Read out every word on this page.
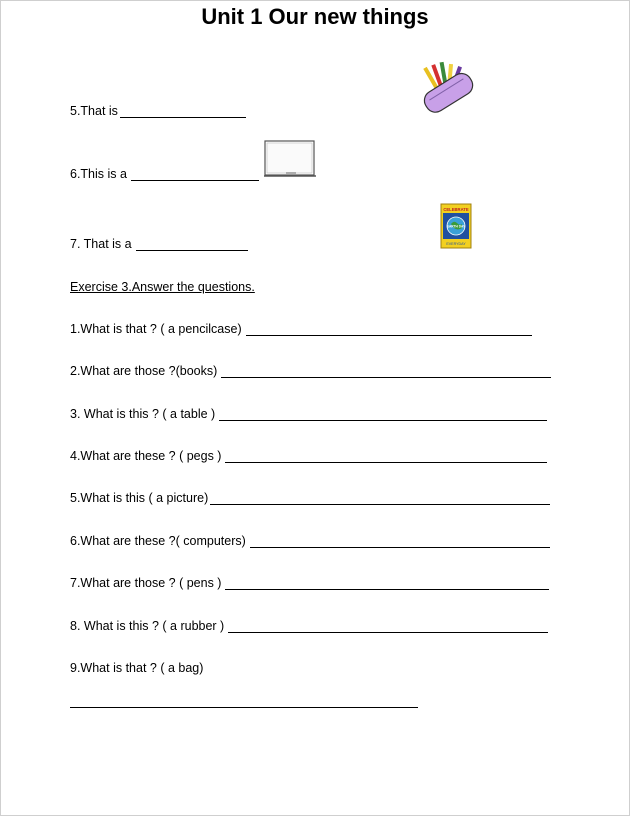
Unit 1 Our new things
5.That is
6.This is a
CELEBRATE
EARTH DAY
EVERYDAY
7. That is a
Exercise 3.Answer the questions.
1.What is that ? ( a pencilcase)
2.What are those ?(books)
3. What is this ? ( a table )
4.What are these ? ( pegs )
5.What is this ( a picture)
6.What are these ?( computers)
7.What are those ? ( pens )
8. What is this ? ( a rubber )
9.What is that ? ( a bag)
